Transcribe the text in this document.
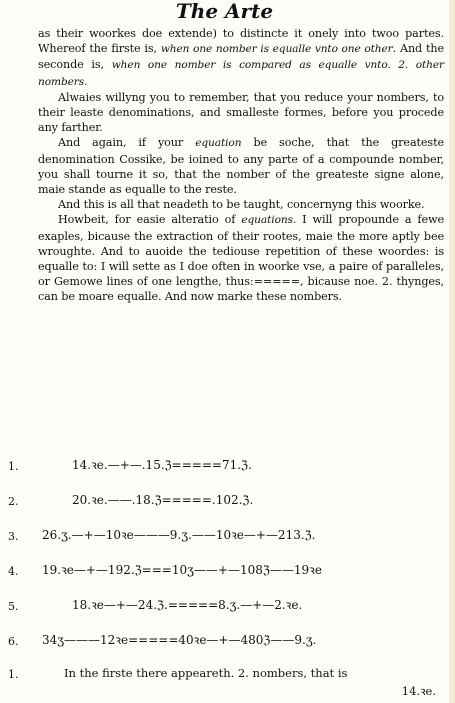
The Arte

as their woorkes doe extende) to distincte it onely into twoo partes. Whereof the firste is, when one nomber is equalle vnto one other. And the seconde is, when one nomber is compared as equalle vnto. 2. other nombers.

Alwaies willyng you to remember, that you reduce your nombers, to their leaste denominations, and smalleste formes, before you procede any farther.

And again, if your equation be soche, that the greateste denomination Cossike, be ioined to any parte of a compounde nomber, you shall tourne it so, that the nomber of the greateste signe alone, maie stande as equalle to the reste.

And this is all that neadeth to be taught, concernyng this woorke.

Howbeit, for easie alteratio of equations. I will propounde a fewe exaples, bicause the extraction of their rootes, maie the more aptly bee wroughte. And to auoide the tediouse repetition of these woordes: is equalle to: I will sette as I doe often in woorke vse, a paire of paralleles, or Gemowe lines of one lengthe, thus:=====, bicause noe. 2. thynges, can be moare equalle. And now marke these nombers.

1.	14.ꝛe.—+—.15.ℨ=====71.ℨ.
2.	20.ꝛe.——.18.ℨ=====.102.ℨ.
3. 26.ʒ.—+—10ꝛe———9.ʒ.——10ꝛe—+—213.ℨ.
4. 19.ꝛe—+—192.ℨ===10ʒ——+—108ℨ——19ꝛe
5.	18.ꝛe—+—24.ℨ.=====8.ʒ.—+—2.ꝛe.
6. 34ʒ———12ꝛe=====40ꝛe—+—480ℨ——9.ʒ.
1.	In the firste there appeareth. 2. nombers, that is
14.ꝛe.
